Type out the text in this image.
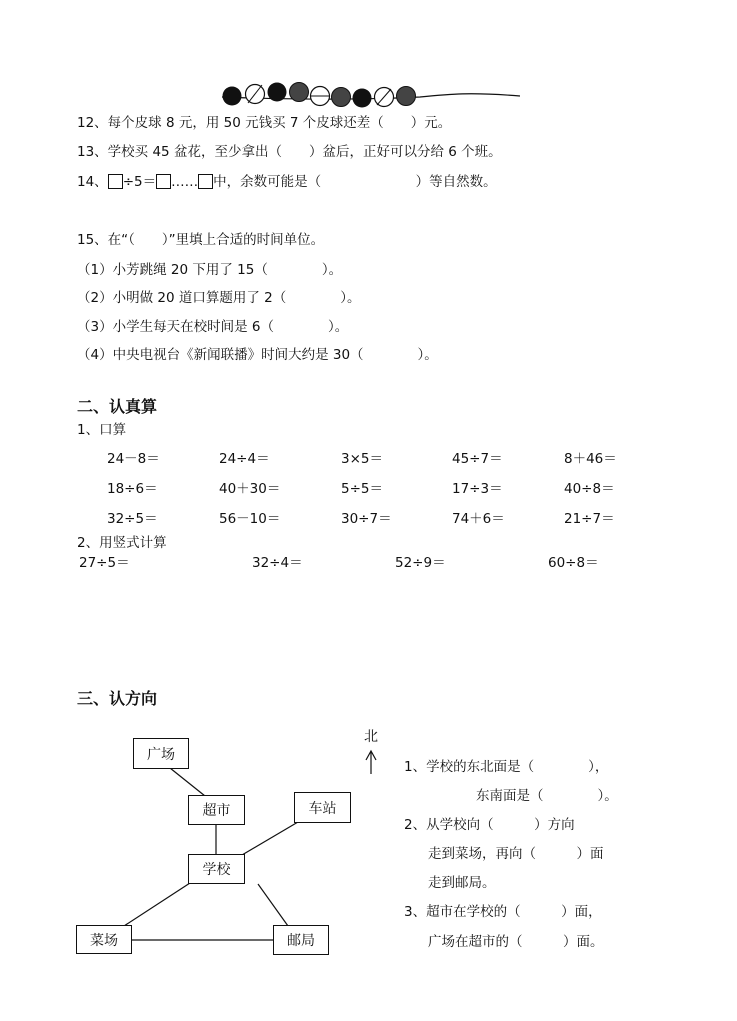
12、每个皮球 8 元，用 50 元钱买 7 个皮球还差（　　）元。
13、学校买 45 盆花，至少拿出（　　）盆后，正好可以分给 6 个班。
14、 ÷5＝ …… 中，余数可能是（　　　　　　　）等自然数。
15、在“（　　）”里填上合适的时间单位。
（1）小芳跳绳 20 下用了 15（　　　　）。
（2）小明做 20 道口算题用了 2（　　　　）。
（3）小学生每天在校时间是 6（　　　　）。
（4）中央电视台《新闻联播》时间大约是 30（　　　　）。
二、认真算
1、口算
24－8＝	24÷4＝	3×5＝	45÷7＝	8＋46＝
18÷6＝	40＋30＝	5÷5＝	17÷3＝	40÷8＝
32÷5＝	56－10＝	30÷7＝	74＋6＝	21÷7＝
2、用竖式计算
27÷5＝	32÷4＝	52÷9＝	60÷8＝
三、认方向
北
广场
超市	车站
学校
菜场	邮局
1、学校的东北面是（　　　　），
东南面是（　　　　）。
2、从学校向（　　　）方向
走到菜场，再向（　　　）面
走到邮局。
3、超市在学校的（　　　）面，
广场在超市的（　　　）面。
